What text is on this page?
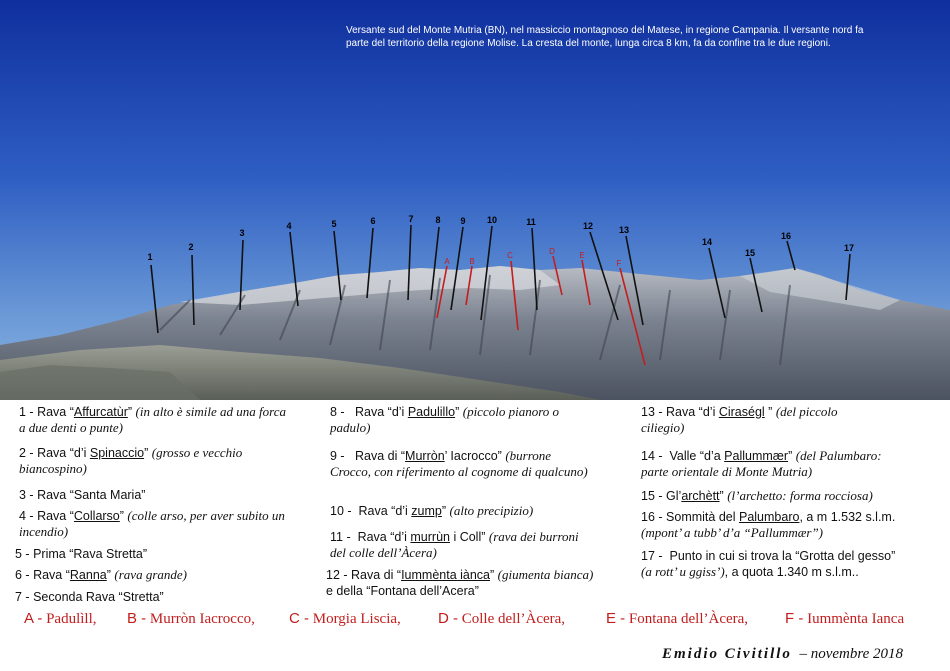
1
2
3
4	5	6	7 8 9 10	11	12	13
14
15
16
17
A B
C	D	E
F
Versante sud del Monte Mutria (BN), nel massiccio montagnoso del Matese, in regione Campania. Il versante nord fa parte del territorio della regione Molise. La cresta del monte, lunga circa 8 km, fa da confine tra le due regioni.
1 - Rava “Affurcatùr” (in alto è simile ad una forca a due denti o punte)
2 - Rava “d’i Spinaccio” (grosso e vecchio biancospino)
3 - Rava “Santa Maria”
4 - Rava “Collarso” (colle arso, per aver subito un incendio)
5 - Prima “Rava Stretta”
6 - Rava “Ranna” (rava grande)
7 - Seconda Rava “Stretta”
8 - Rava “d’i Padulillo” (piccolo pianoro o padulo)
9 - Rava di “Murròn’ Iacrocco” (burrone Crocco, con riferimento al cognome di qualcuno)
10 - Rava “d’i zump” (alto precipizio)
11 - Rava “d’i murrùn i Coll” (rava dei burroni del colle dell’Àcera)
12 - Rava di “Iummènta iànca” (giumenta bianca) e della “Fontana dell’Acera”
13 - Rava “d’i Ciraségl ” (del piccolo ciliegio)
14 - Valle “d’a Pallummær” (del Palumbaro: parte orientale di Monte Mutria)
15 - Gl’archètt” (l’archetto: forma rocciosa)
16 - Sommità del Palumbaro, a m 1.532 s.l.m. (mpont’ a tubb’ d’a “Pallummær”)
17 - Punto in cui si trova la “Grotta del gesso” (a rott’ u ggiss’), a quota 1.340 m s.l.m..
A - Padulìll, B - Murròn Iacrocco, C - Morgia Liscia, D - Colle dell’Àcera,	E - Fontana dell’Àcera, F - Iummènta Ianca
Emidio Civitillo – novembre 2018
